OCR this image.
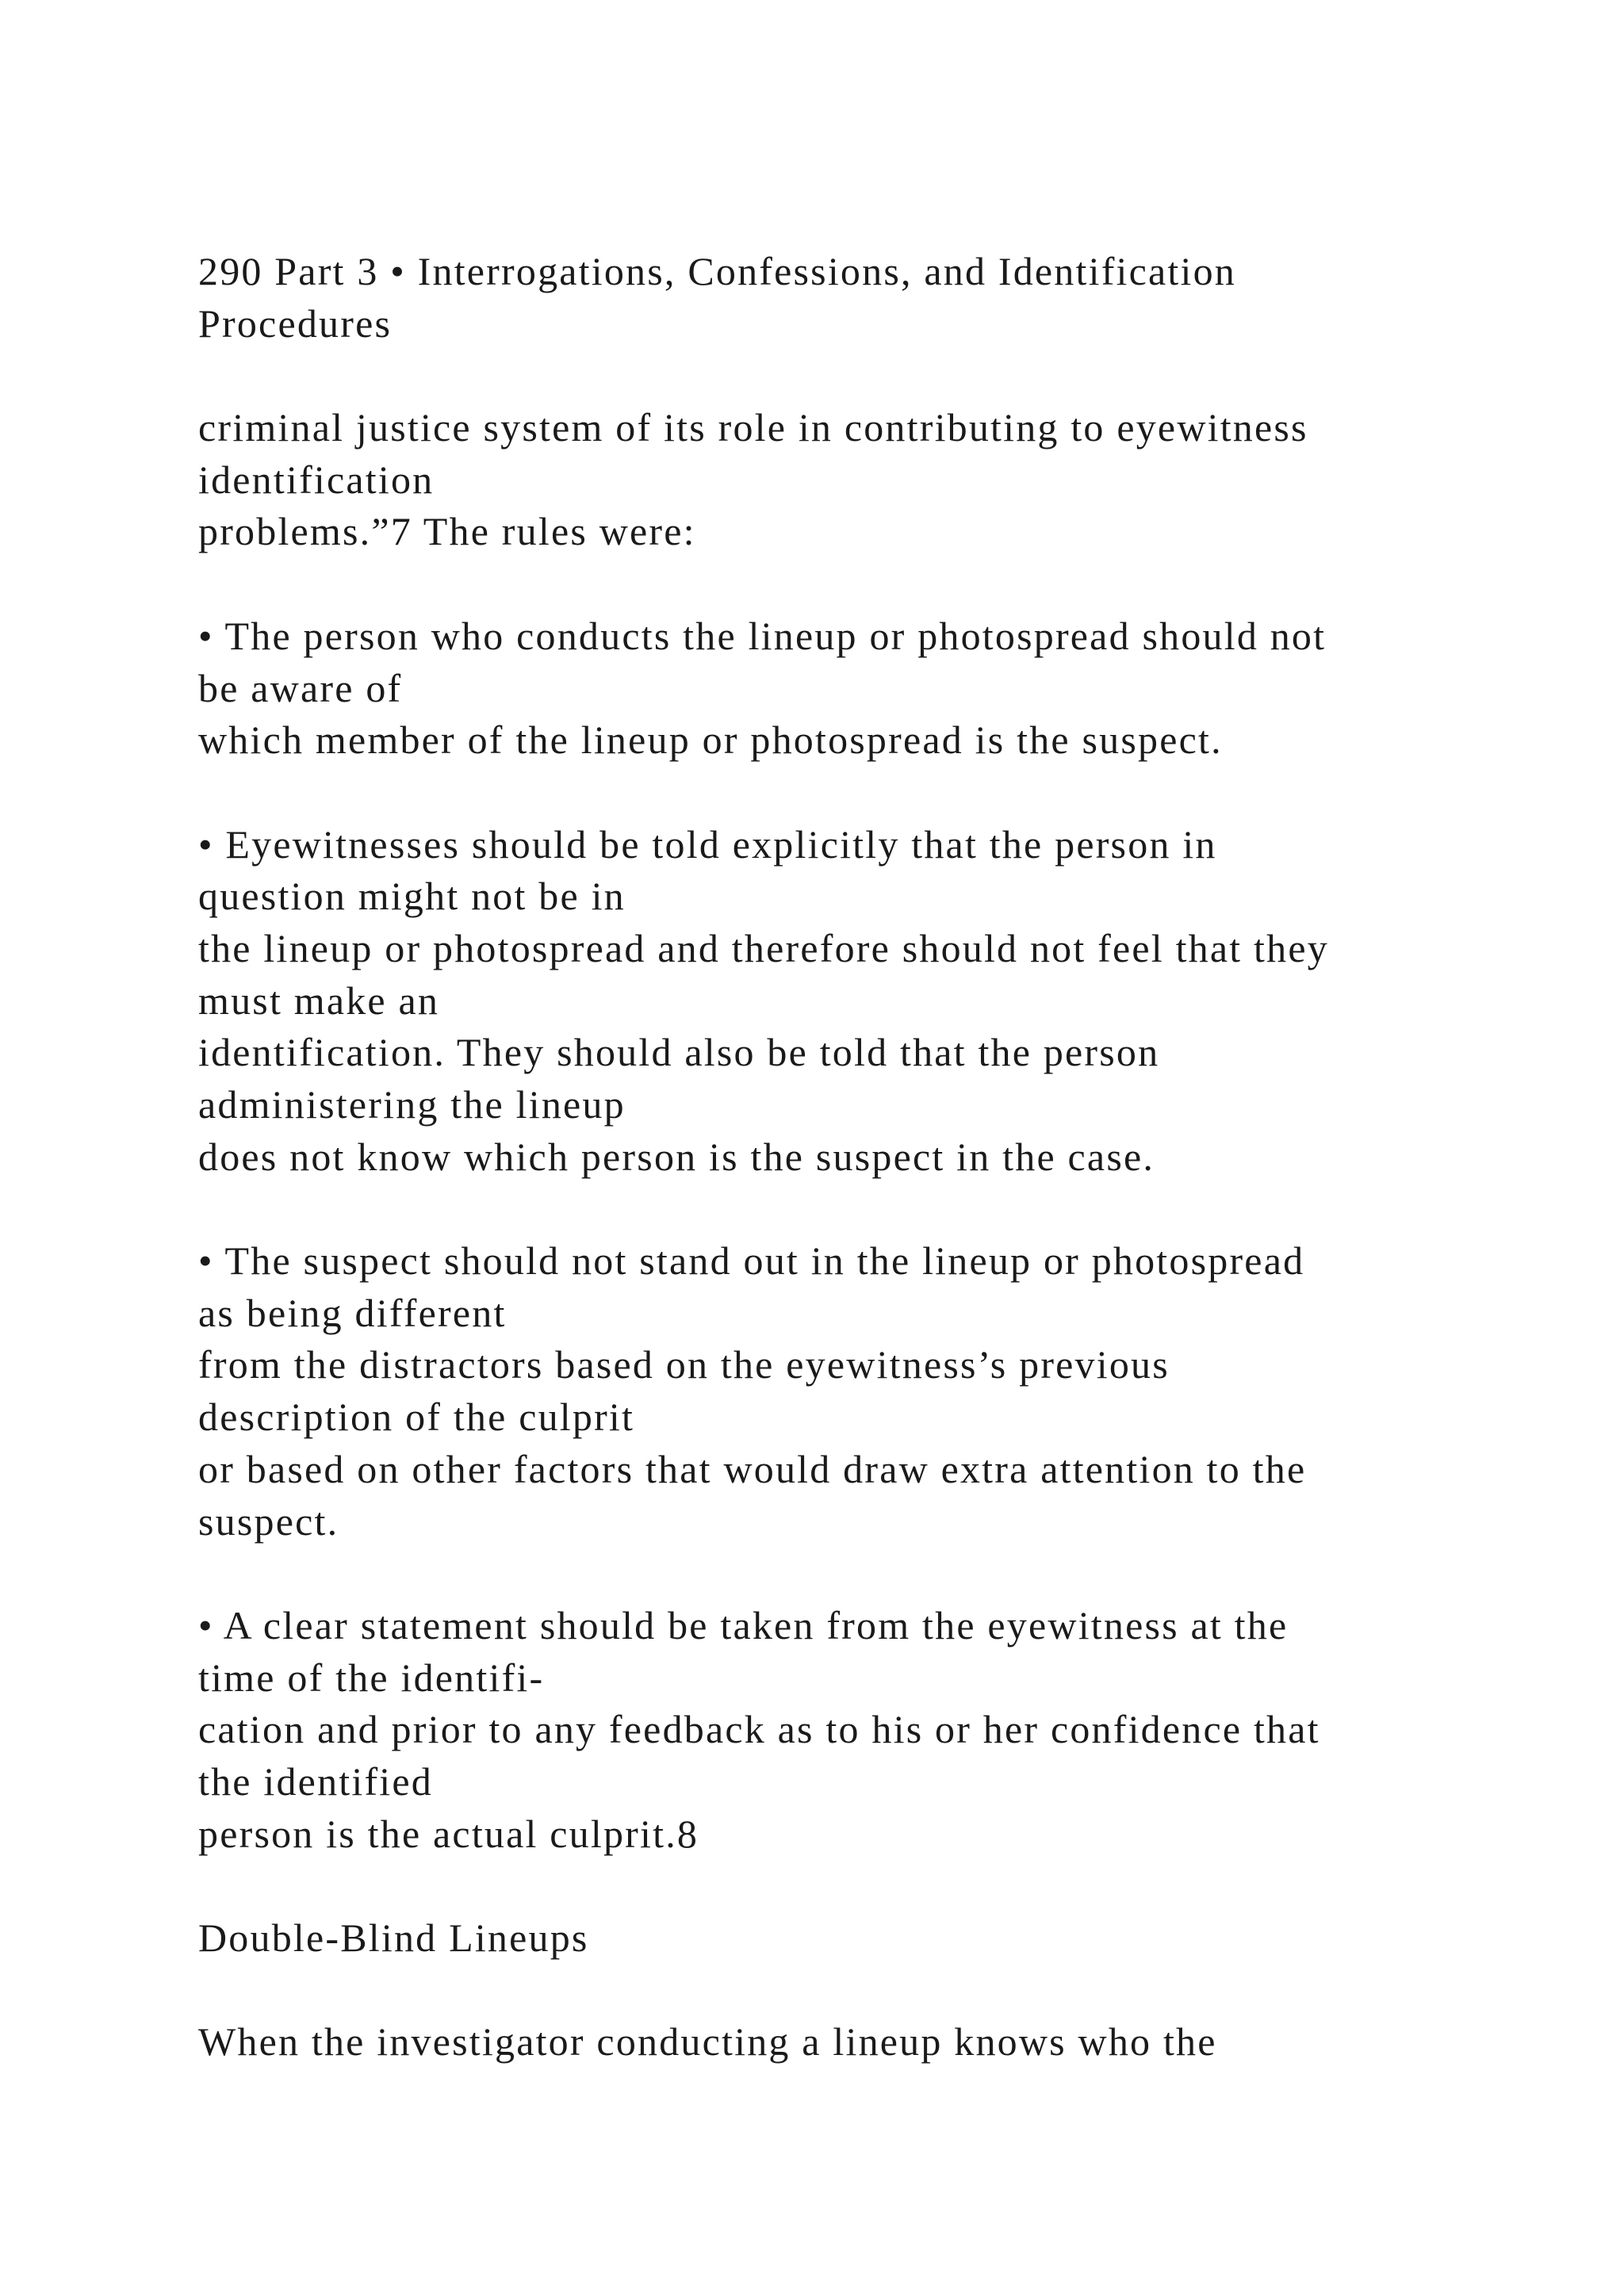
290 Part 3 • Interrogations, Confessions, and Identification
Procedures
criminal justice system of its role in contributing to eyewitness
identification
problems.”7 The rules were:
• The person who conducts the lineup or photospread should not
be aware of
which member of the lineup or photospread is the suspect.
• Eyewitnesses should be told explicitly that the person in
question might not be in
the lineup or photospread and therefore should not feel that they
must make an
identification. They should also be told that the person
administering the lineup
does not know which person is the suspect in the case.
• The suspect should not stand out in the lineup or photospread
as being different
from the distractors based on the eyewitness’s previous
description of the culprit
or based on other factors that would draw extra attention to the
suspect.
• A clear statement should be taken from the eyewitness at the
time of the identifi-
cation and prior to any feedback as to his or her confidence that
the identified
person is the actual culprit.8
Double-Blind Lineups
When the investigator conducting a lineup knows who the
